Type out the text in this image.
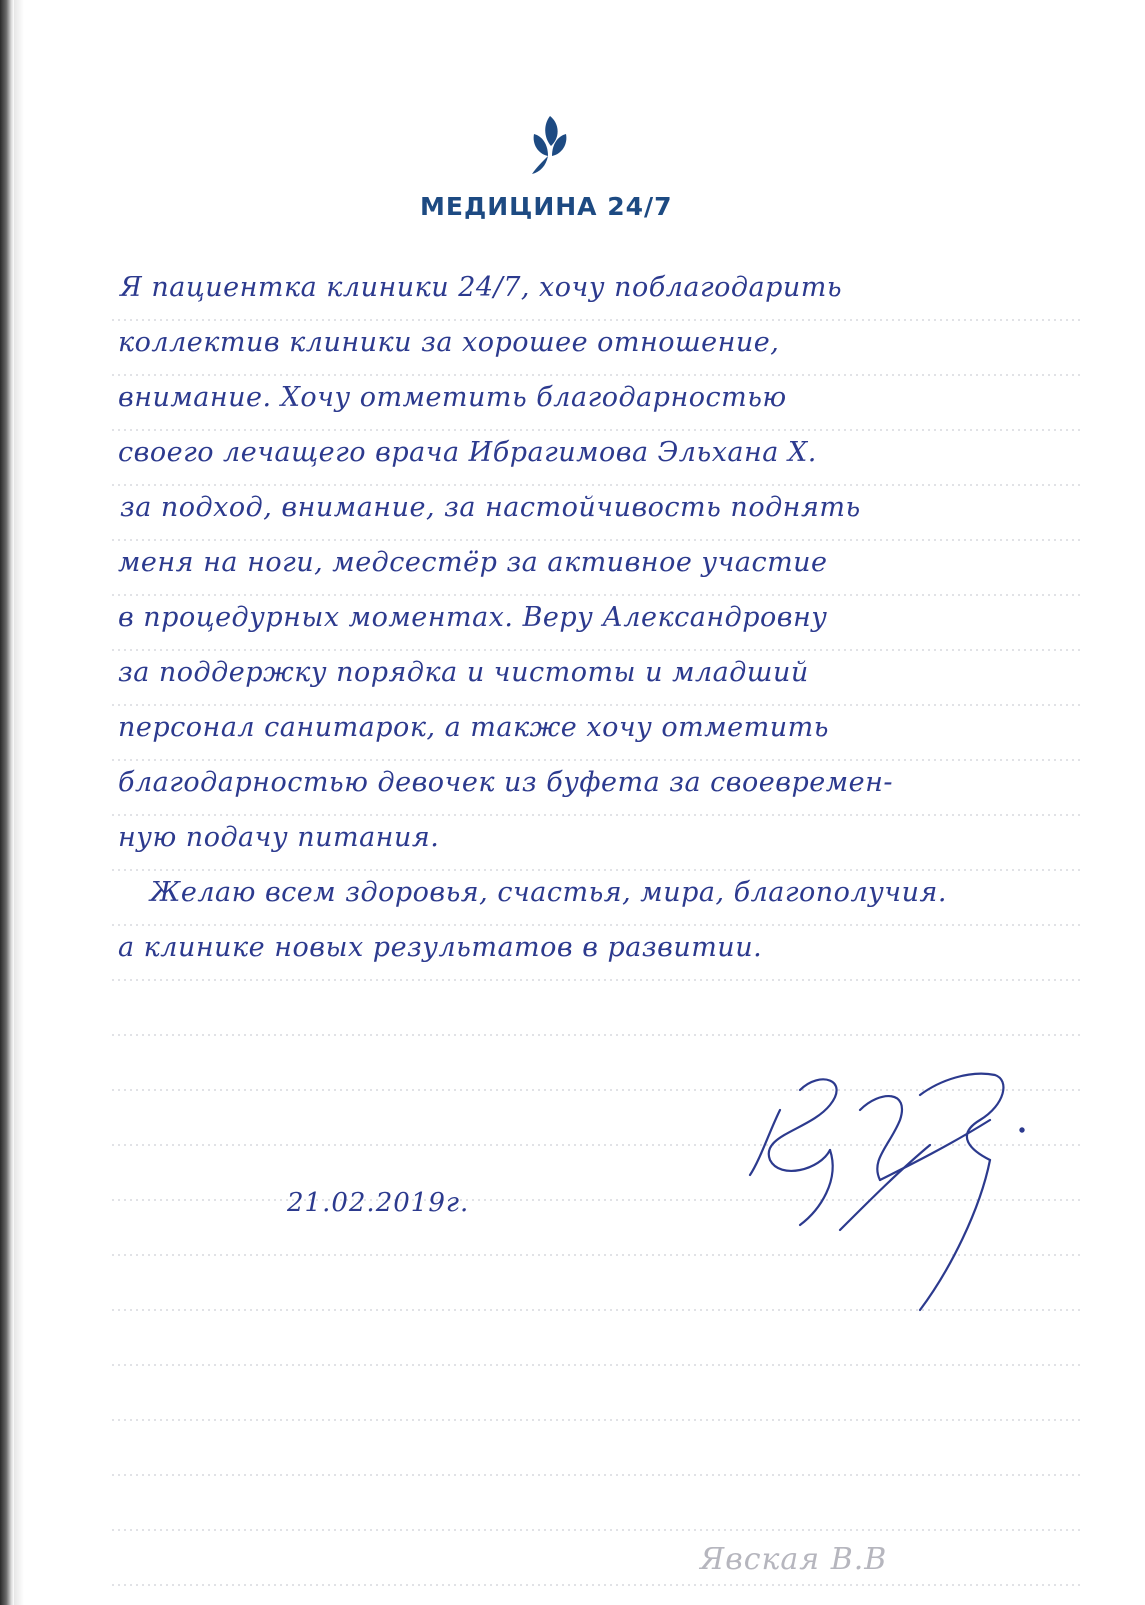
МЕДИЦИНА 24/7
Я пациентка клиники 24/7, хочу поблагодарить
коллектив клиники за хорошее отношение,
внимание. Хочу отметить благодарностью
своего лечащего врача Ибрагимова Эльхана Х.
за подход, внимание, за настойчивость поднять
меня на ноги, медсестёр за активное участие
в процедурных моментах. Веру Александровну
за поддержку порядка и чистоты и младший
персонал санитарок, а также хочу отметить
благодарностью девочек из буфета за своевремен-
ную подачу питания.
Желаю всем здоровья, счастья, мира, благополучия.
а клинике новых результатов в развитии.
21.02.2019г.
Явская В.В
